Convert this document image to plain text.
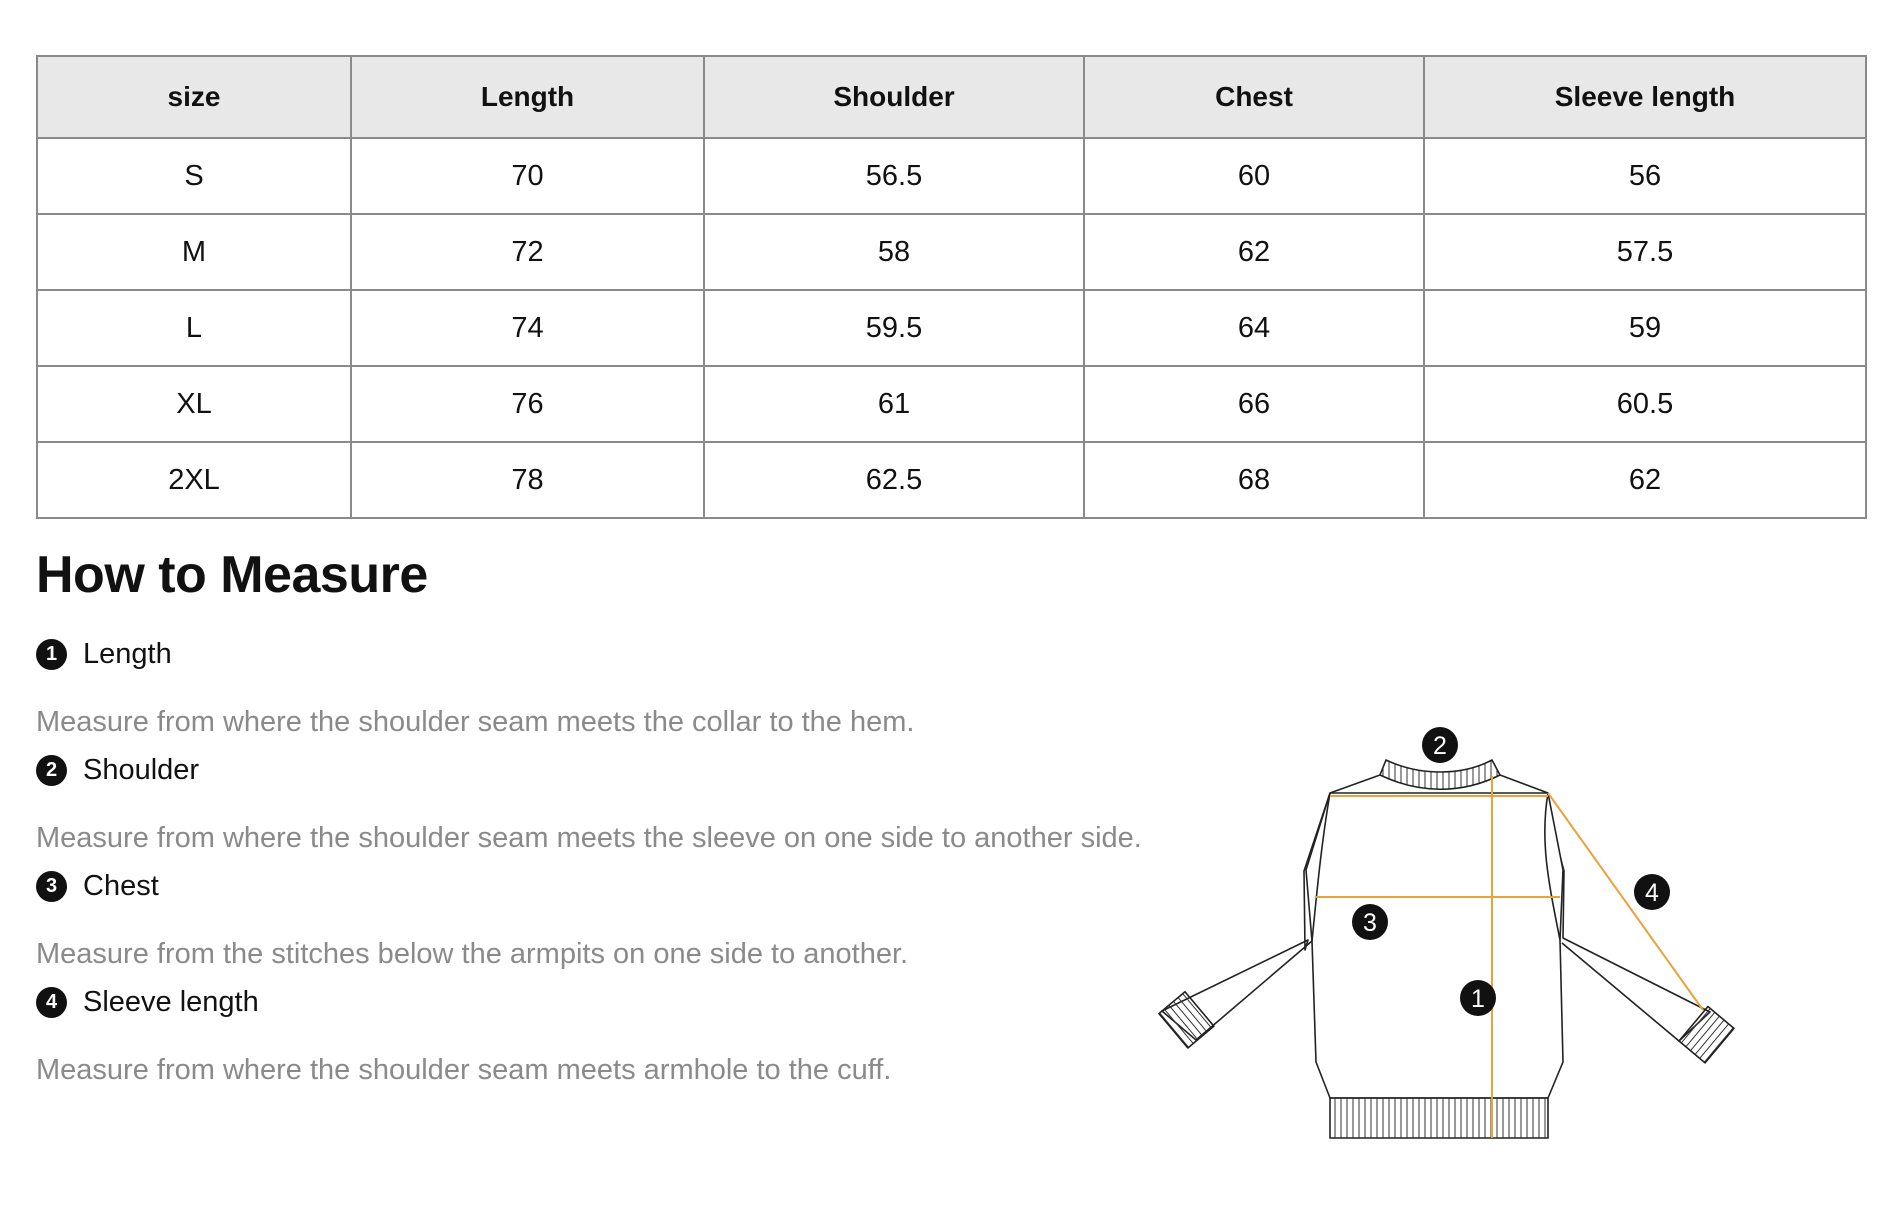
size	Length	Shoulder	Chest	Sleeve length
S	70	56.5	60	56
M	72	58	62	57.5
L	74	59.5	64	59
XL	76	61	66	60.5
2XL	78	62.5	68	62
How to Measure
1 Length
Measure from where the shoulder seam meets the collar to the hem.
2 Shoulder
Measure from where the shoulder seam meets the sleeve on one side to another side.
3 Chest
Measure from the stitches below the armpits on one side to another.
4 Sleeve length
Measure from where the shoulder seam meets armhole to the cuff.
2
3
1
4
